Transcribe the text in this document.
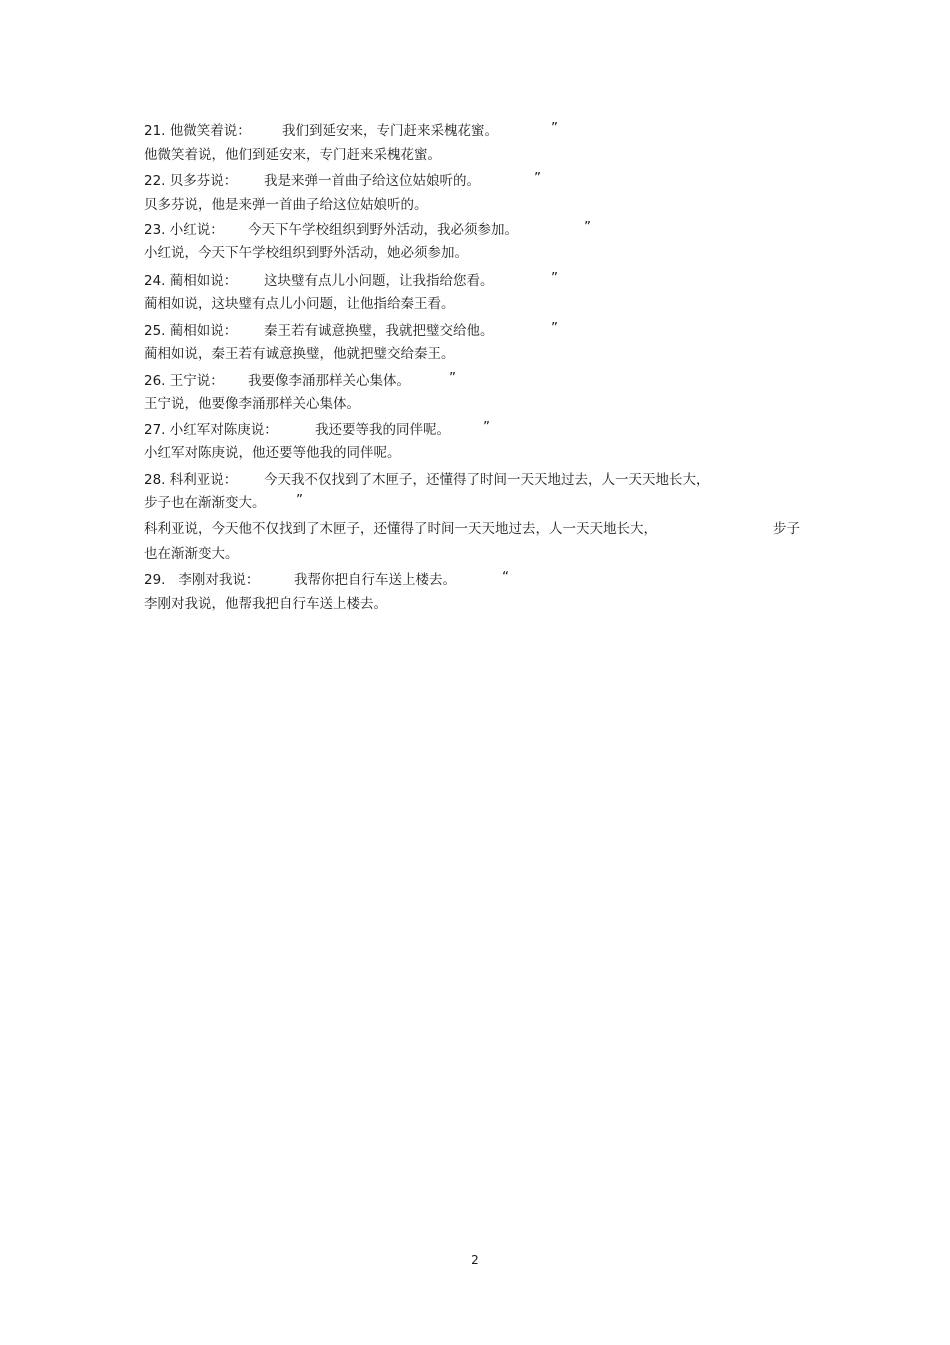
21. 他微笑着说： 我们到延安来，专门赶来采槐花蜜。	”
他微笑着说，他们到延安来，专门赶来采槐花蜜。
22. 贝多芬说： 我是来弹一首曲子给这位姑娘听的。	”
贝多芬说，他是来弹一首曲子给这位姑娘听的。
23. 小红说： 今天下午学校组织到野外活动，我必须参加。	”
小红说，今天下午学校组织到野外活动，她必须参加。
24. 蔺相如说： 这块璧有点儿小问题，让我指给您看。	”
蔺相如说，这块璧有点儿小问题，让他指给秦王看。
25. 蔺相如说： 秦王若有诚意换璧，我就把璧交给他。	”
蔺相如说，秦王若有诚意换璧，他就把璧交给秦王。
26. 王宁说： 我要像李涌那样关心集体。	”
王宁说，他要像李涌那样关心集体。
27. 小红军对陈庚说：	我还要等我的同伴呢。 ”
小红军对陈庚说，他还要等他我的同伴呢。
28. 科利亚说： 今天我不仅找到了木匣子，还懂得了时间一天天地过去，人一天天地长大，
步子也在渐渐变大。 ”
科利亚说，今天他不仅找到了木匣子，还懂得了时间一天天地过去，人一天天地长大，	步子
也在渐渐变大。
29.   李刚对我说：	我帮你把自行车送上楼去。	“
李刚对我说，他帮我把自行车送上楼去。
2
